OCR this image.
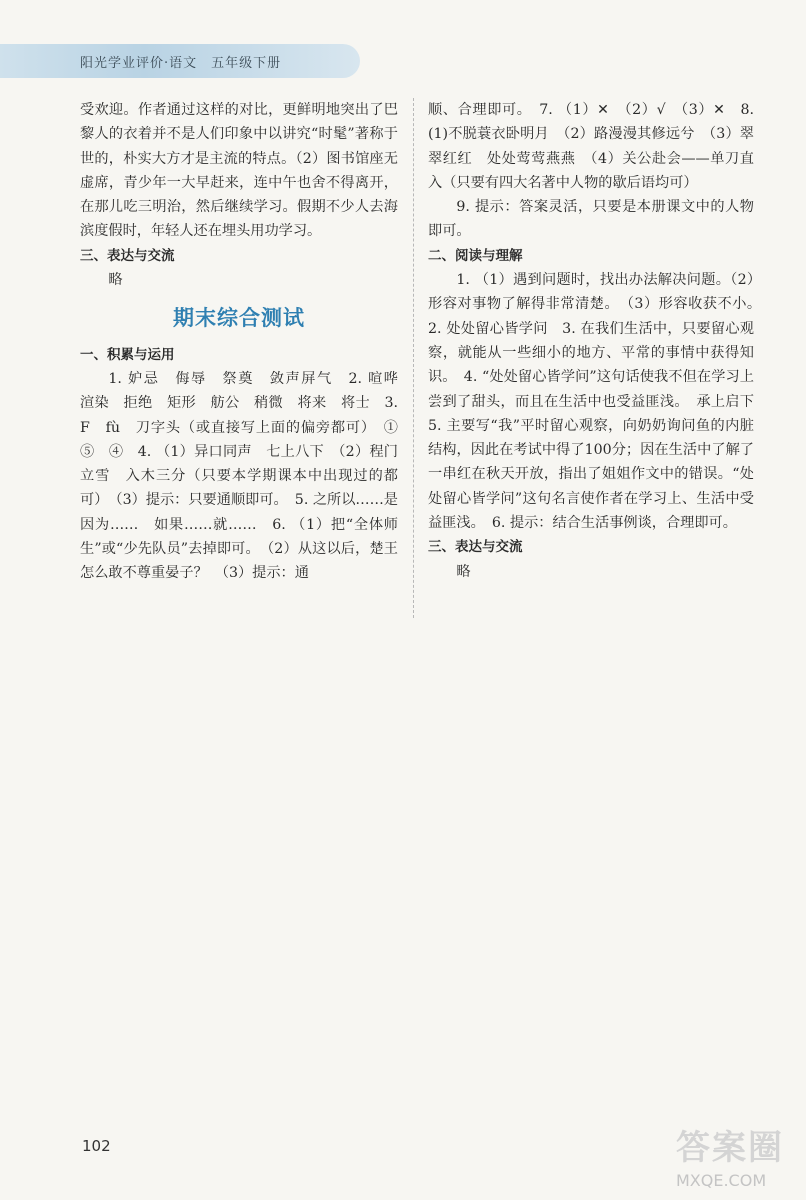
阳光学业评价·语文 五年级下册

受欢迎。作者通过这样的对比，更鲜明地突出了巴黎人的衣着并不是人们印象中以讲究“时髦”著称于世的，朴实大方才是主流的特点。（2）图书馆座无虚席，青少年一大早赶来，连中午也舍不得离开，在那儿吃三明治，然后继续学习。假期不少人去海滨度假时，年轻人还在埋头用功学习。

三、表达与交流

略

期末综合测试

一、积累与运用

1. 妒忌　侮辱　祭奠　敛声屏气　2. 喧哗　渲染　拒绝　矩形　舫公　稍微　将来　将士　3. F　fù　刀字头（或直接写上面的偏旁都可）　①　⑤　④　4. （1）异口同声　七上八下　（2）程门立雪　入木三分（只要本学期课本中出现过的都可）　（3）提示：只要通顺即可。　5. 之所以……是因为……　如果……就……　6. （1）把“全体师生”或“少先队员”去掉即可。　（2）从这以后，楚王怎么敢不尊重晏子？　（3）提示：通

顺、合理即可。　7. （1）✕　（2）√　（3）✕　8. (1)不脱蓑衣卧明月　（2）路漫漫其修远兮　（3）翠翠红红　处处莺莺燕燕　（4）关公赴会——单刀直入（只要有四大名著中人物的歇后语均可）

9. 提示：答案灵活，只要是本册课文中的人物即可。

二、阅读与理解

1. （1）遇到问题时，找出办法解决问题。（2）形容对事物了解得非常清楚。　（3）形容收获不小。　2. 处处留心皆学问　3. 在我们生活中，只要留心观察，就能从一些细小的地方、平常的事情中获得知识。　4. “处处留心皆学问”这句话使我不但在学习上尝到了甜头，而且在生活中也受益匪浅。　承上启下　5. 主要写“我”平时留心观察，向奶奶询问鱼的内脏结构，因此在考试中得了100分；因在生活中了解了一串红在秋天开放，指出了姐姐作文中的错误。“处处留心皆学问”这句名言使作者在学习上、生活中受益匪浅。　6. 提示：结合生活事例谈，合理即可。

三、表达与交流

略

102	答案圈
MXQE.COM
